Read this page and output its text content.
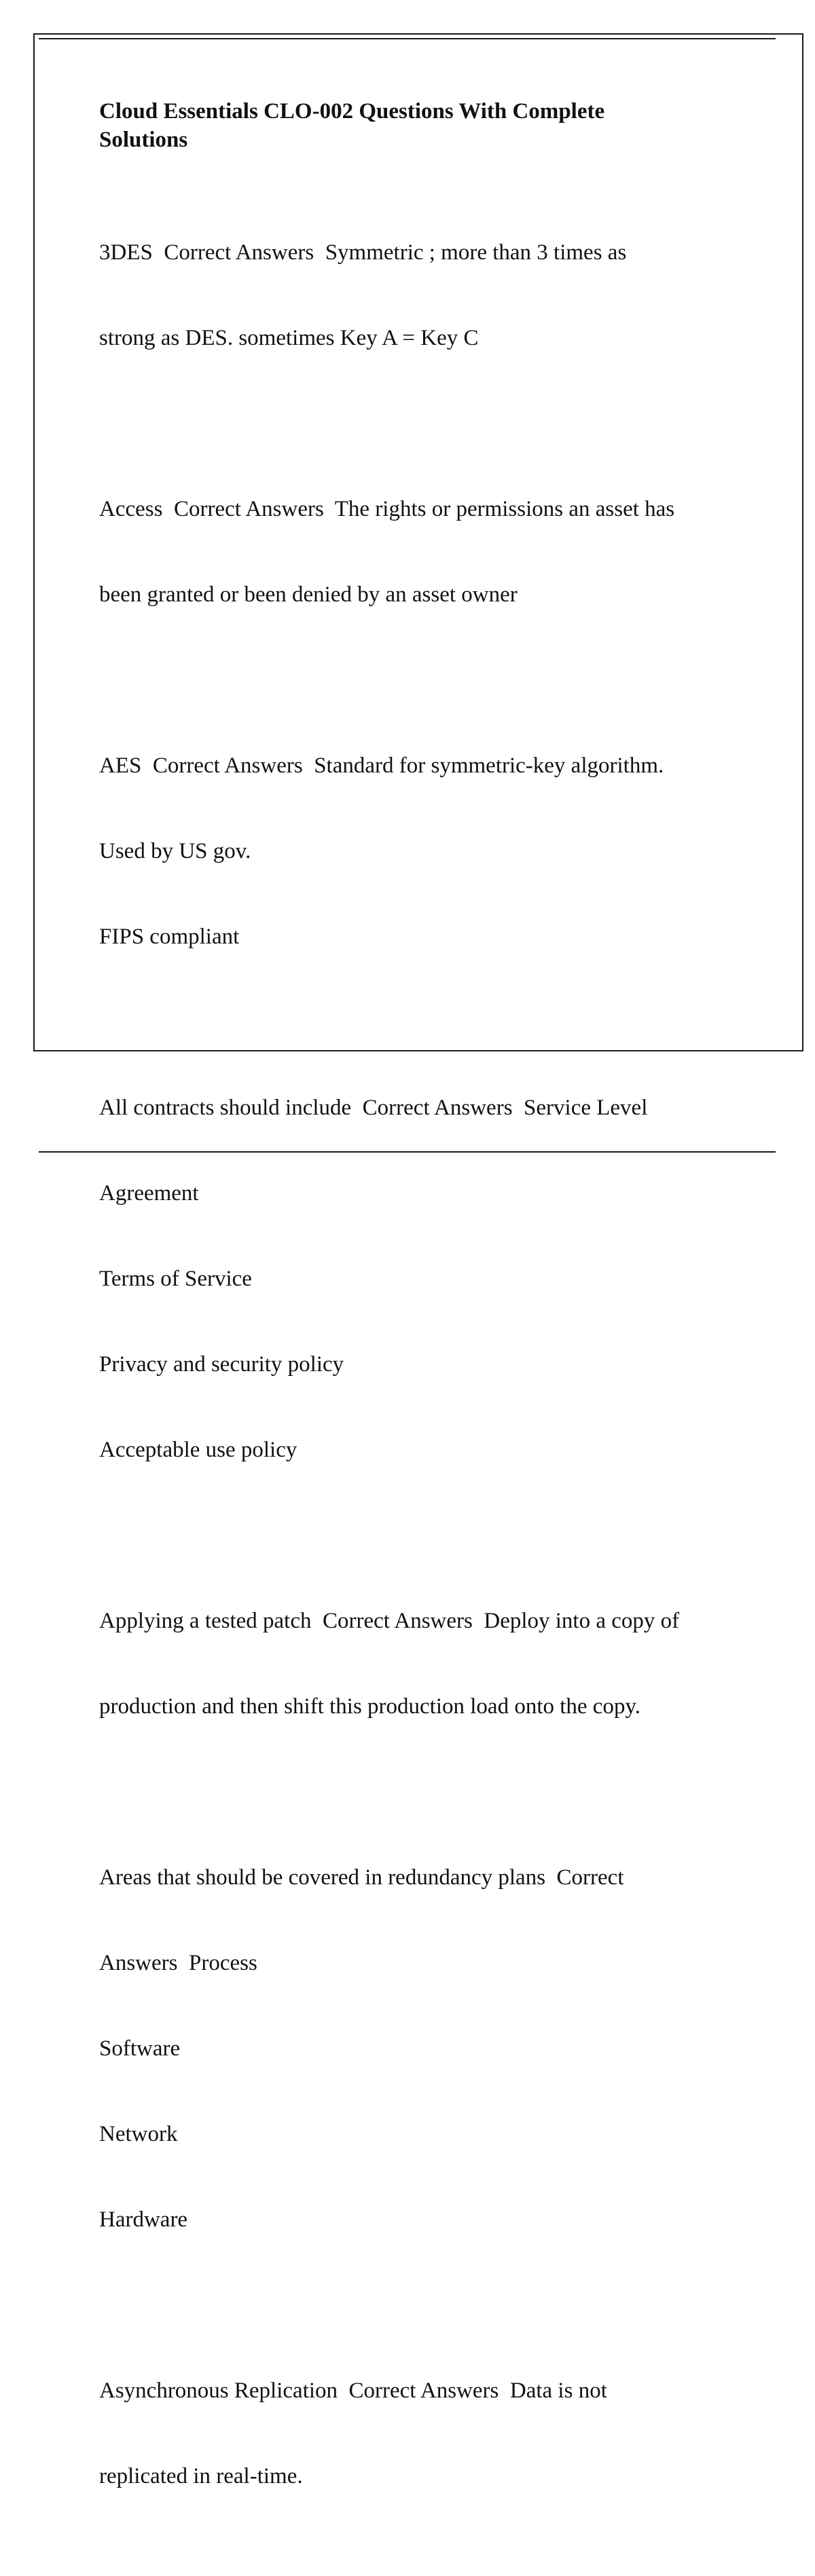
Cloud Essentials CLO-002 Questions With Complete
Solutions

3DES  Correct Answers  Symmetric ; more than 3 times as

strong as DES. sometimes Key A = Key C

Access  Correct Answers  The rights or permissions an asset has

been granted or been denied by an asset owner

AES  Correct Answers  Standard for symmetric-key algorithm.

Used by US gov.

FIPS compliant

All contracts should include  Correct Answers  Service Level

Agreement

Terms of Service

Privacy and security policy

Acceptable use policy

Applying a tested patch  Correct Answers  Deploy into a copy of

production and then shift this production load onto the copy.

Areas that should be covered in redundancy plans  Correct

Answers  Process

Software

Network

Hardware

Asynchronous Replication  Correct Answers  Data is not

replicated in real-time.
